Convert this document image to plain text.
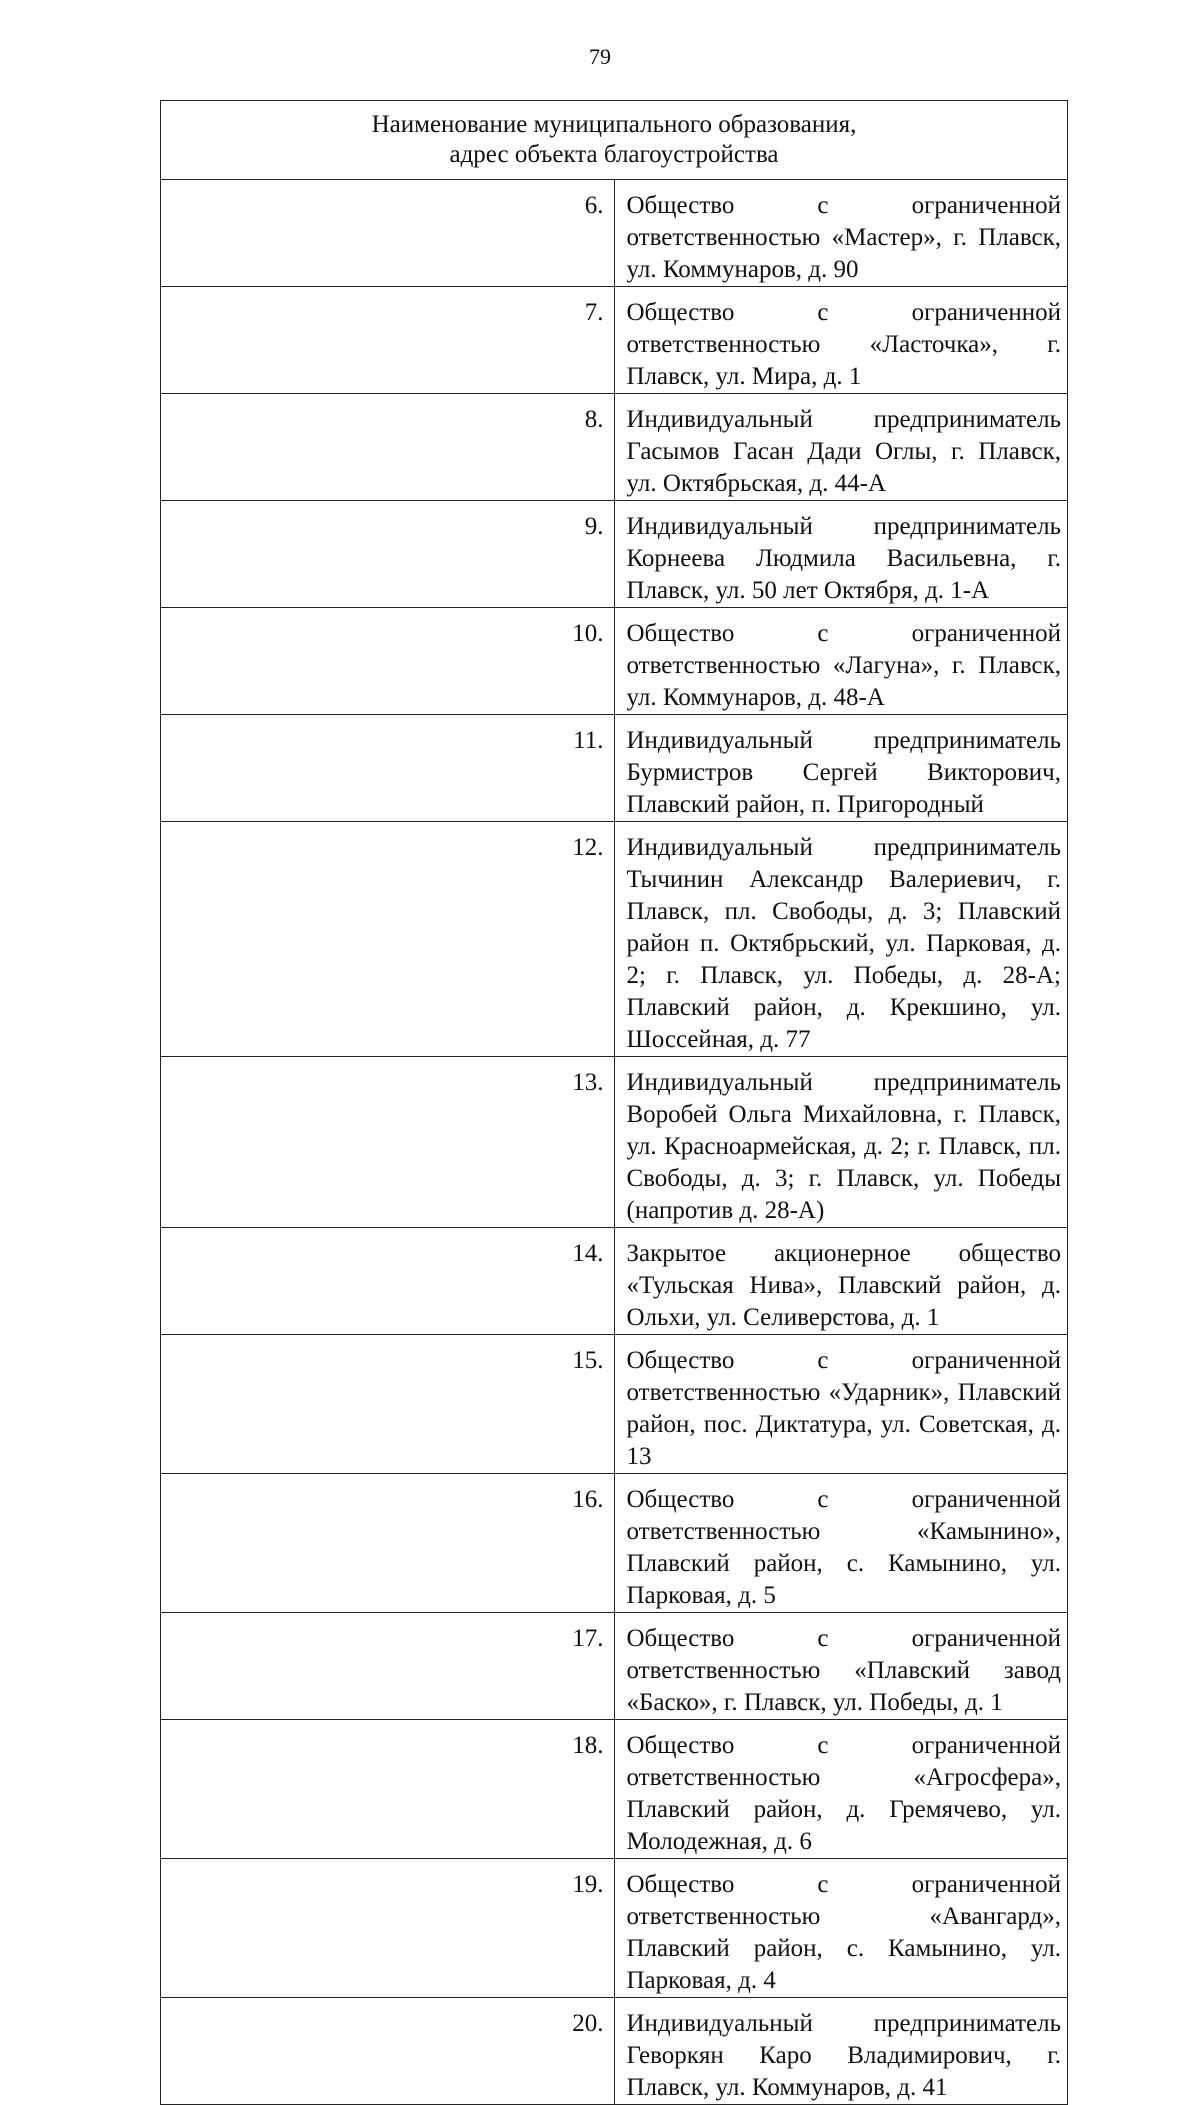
79
Наименование муниципального образования,
адрес объекта благоустройства	

6.	Общество с ограниченной ответственностью «Мастер», г. Плавск, ул. Коммунаров, д. 90
7.	Общество с ограниченной ответственностью «Ласточка», г. Плавск, ул. Мира, д. 1
8.	Индивидуальный предприниматель Гасымов Гасан Дади Оглы, г. Плавск, ул. Октябрьская, д. 44-А
9.	Индивидуальный предприниматель Корнеева Людмила Васильевна, г. Плавск, ул. 50 лет Октября, д. 1-А
10.	Общество с ограниченной ответственностью «Лагуна», г. Плавск, ул. Коммунаров, д. 48-А
11.	Индивидуальный предприниматель Бурмистров Сергей Викторович, Плавский район, п. Пригородный
12.	Индивидуальный предприниматель Тычинин Александр Валериевич, г. Плавск, пл. Свободы, д. 3; Плавский район п. Октябрьский, ул. Парковая, д. 2; г. Плавск, ул. Победы, д. 28-А; Плавский район, д. Крекшино, ул. Шоссейная, д. 77
13.	Индивидуальный предприниматель Воробей Ольга Михайловна, г. Плавск, ул. Красноармейская, д. 2; г. Плавск, пл. Свободы, д. 3; г. Плавск, ул. Победы (напротив д. 28-А)
14.	Закрытое акционерное общество «Тульская Нива», Плавский район, д. Ольхи, ул. Селиверстова, д. 1
15.	Общество с ограниченной ответственностью «Ударник», Плавский район, пос. Диктатура, ул. Советская, д. 13
16.	Общество с ограниченной ответственностью «Камынино», Плавский район, с. Камынино, ул. Парковая, д. 5
17.	Общество с ограниченной ответственностью «Плавский завод «Баско», г. Плавск, ул. Победы, д. 1
18.	Общество с ограниченной ответственностью «Агросфера», Плавский район, д. Гремячево, ул. Молодежная, д. 6
19.	Общество с ограниченной ответственностью «Авангард», Плавский район, с. Камынино, ул. Парковая, д. 4
20.	Индивидуальный предприниматель Геворкян Каро Владимирович, г. Плавск, ул. Коммунаров, д. 41
